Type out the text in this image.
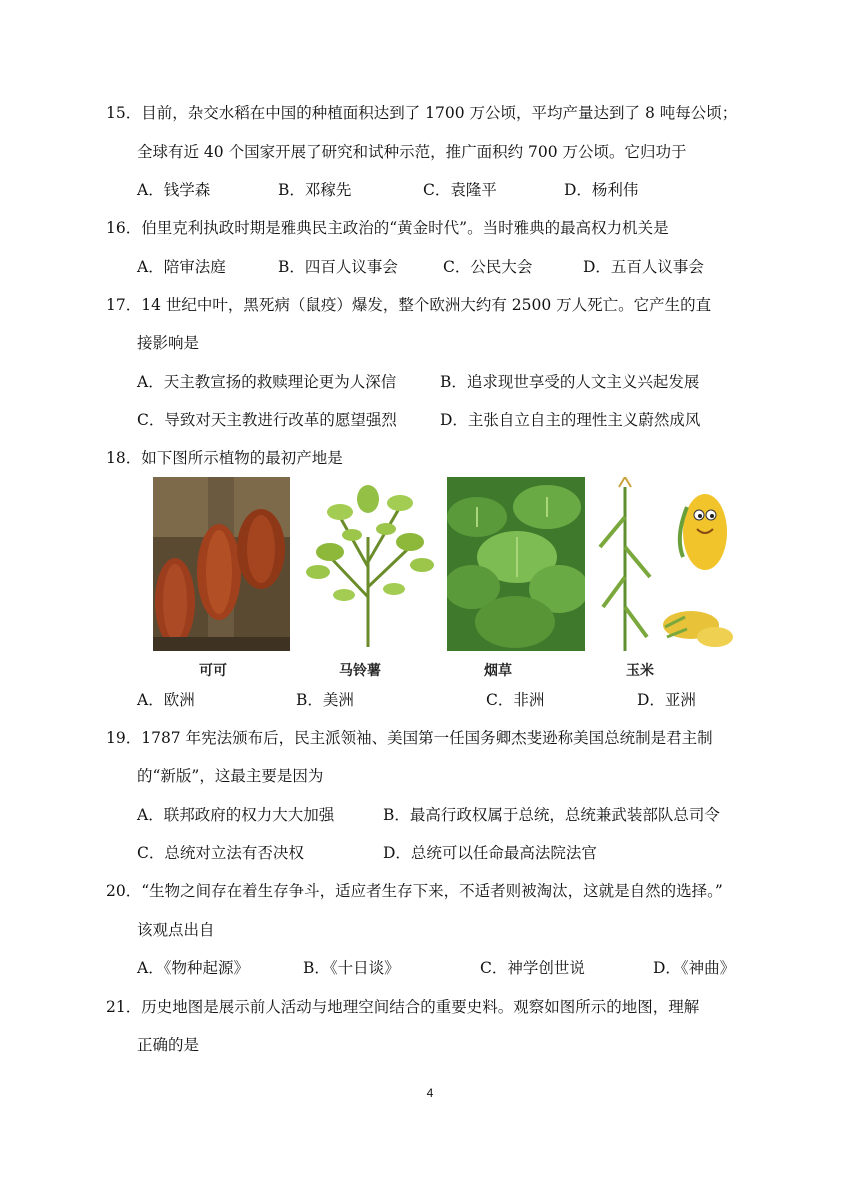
15．目前，杂交水稻在中国的种植面积达到了 1700 万公顷，平均产量达到了 8 吨每公顷；
全球有近 40 个国家开展了研究和试种示范，推广面积约 700 万公顷。它归功于
A．钱学森	B．邓稼先	C．袁隆平	D．杨利伟
16．伯里克利执政时期是雅典民主政治的“黄金时代”。当时雅典的最高权力机关是
A．陪审法庭	B．四百人议事会	C．公民大会	D．五百人议事会
17．14 世纪中叶，黑死病（鼠疫）爆发，整个欧洲大约有 2500 万人死亡。它产生的直
接影响是
A．天主教宣扬的救赎理论更为人深信	B．追求现世享受的人文主义兴起发展
C．导致对天主教进行改革的愿望强烈	D．主张自立自主的理性主义蔚然成风
18．如下图所示植物的最初产地是
可可	马铃薯	烟草	玉米
A．欧洲	B．美洲	C．非洲	D．亚洲
19．1787 年宪法颁布后，民主派领袖、美国第一任国务卿杰斐逊称美国总统制是君主制
的“新版”，这最主要是因为
A．联邦政府的权力大大加强	B．最高行政权属于总统，总统兼武装部队总司令
C．总统对立法有否决权	D．总统可以任命最高法院法官
20．“生物之间存在着生存争斗，适应者生存下来，不适者则被淘汰，这就是自然的选择。”
该观点出自
A．《物种起源》	B．《十日谈》	C．神学创世说	D．《神曲》
21．历史地图是展示前人活动与地理空间结合的重要史料。观察如图所示的地图，理解
正确的是
4
